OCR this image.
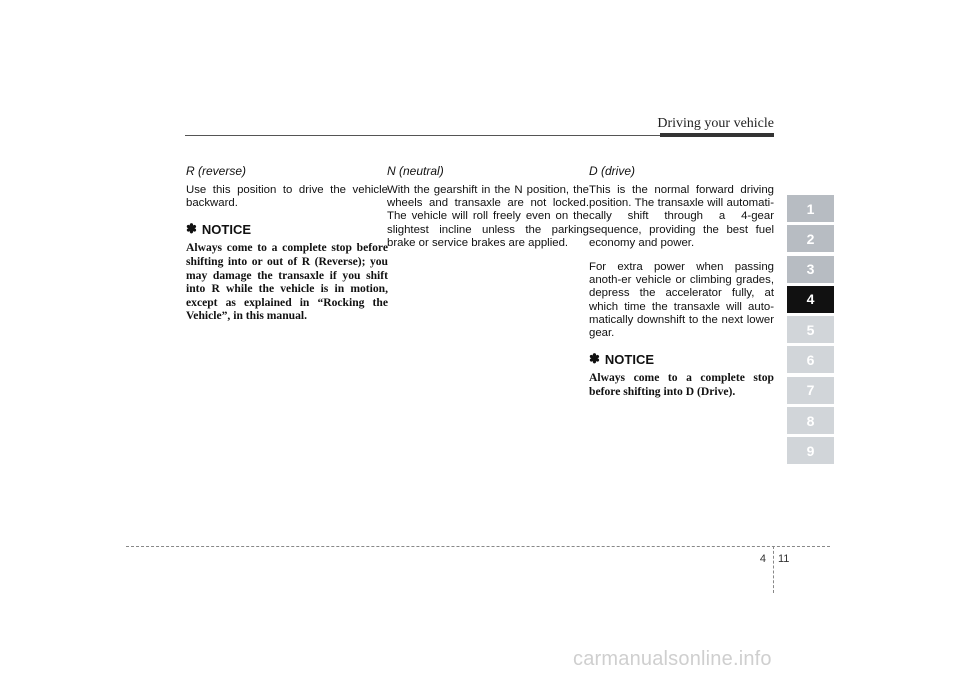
Driving your vehicle

R (reverse)

Use this position to drive the vehicle backward.

✽ NOTICE

Always come to a complete stop before shifting into or out of R (Reverse); you may damage the transaxle if you shift into R while the vehicle is in motion, except as explained in “Rocking the Vehicle”, in this manual.

N (neutral)

With the gearshift in the N position, the wheels and transaxle are not locked. The vehicle will roll freely even on the slightest incline unless the parking brake or service brakes are applied.

D (drive)

This is the normal forward driving position. The transaxle will automati-cally shift through a 4-gear sequence, providing the best fuel economy and power.

For extra power when passing anoth-er vehicle or climbing grades, depress the accelerator fully, at which time the transaxle will auto-matically downshift to the next lower gear.

✽ NOTICE

Always come to a complete stop before shifting into D (Drive).

1
2
3
4
5
6
7
8
9
4 11
carmanualsonline.info
